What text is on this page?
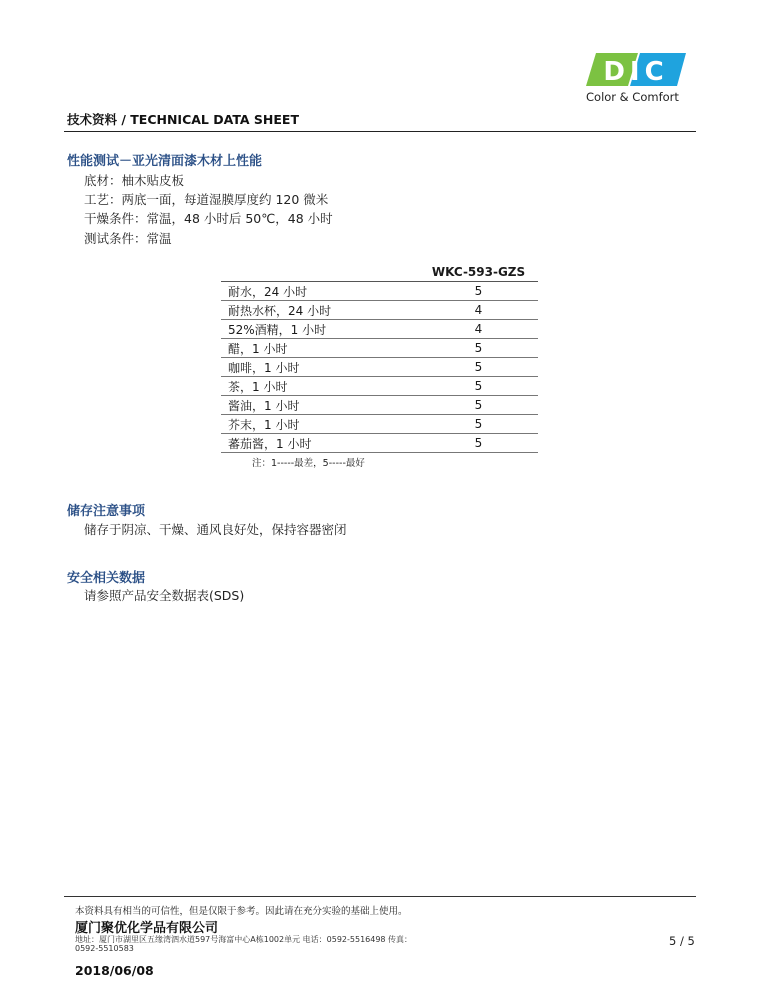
DIC
Color & Comfort
技术资料 / TECHNICAL DATA SHEET
性能测试－亚光清面漆木材上性能
底材：柚木贴皮板
工艺：两底一面，每道湿膜厚度约 120 微米
干燥条件：常温，48 小时后 50℃，48 小时
测试条件：常温
	WKC-593-GZS
耐水，24 小时	5
耐热水杯，24 小时	4
52%酒精，1 小时	4
醋，1 小时	5
咖啡，1 小时	5
茶，1 小时	5
酱油，1 小时	5
芥末，1 小时	5
蕃茄酱，1 小时	5
注：1-----最差，5-----最好
储存注意事项
储存于阴凉、干燥、通风良好处，保持容器密闭
安全相关数据
请参照产品安全数据表(SDS)
本资料具有相当的可信性，但是仅限于参考。因此请在充分实验的基础上使用。
厦门聚优化学品有限公司
地址：厦门市湖里区五缘湾泗水道597号海富中心A栋1002单元 电话：0592-5516498 传真：0592-5510583
5 / 5
2018/06/08
